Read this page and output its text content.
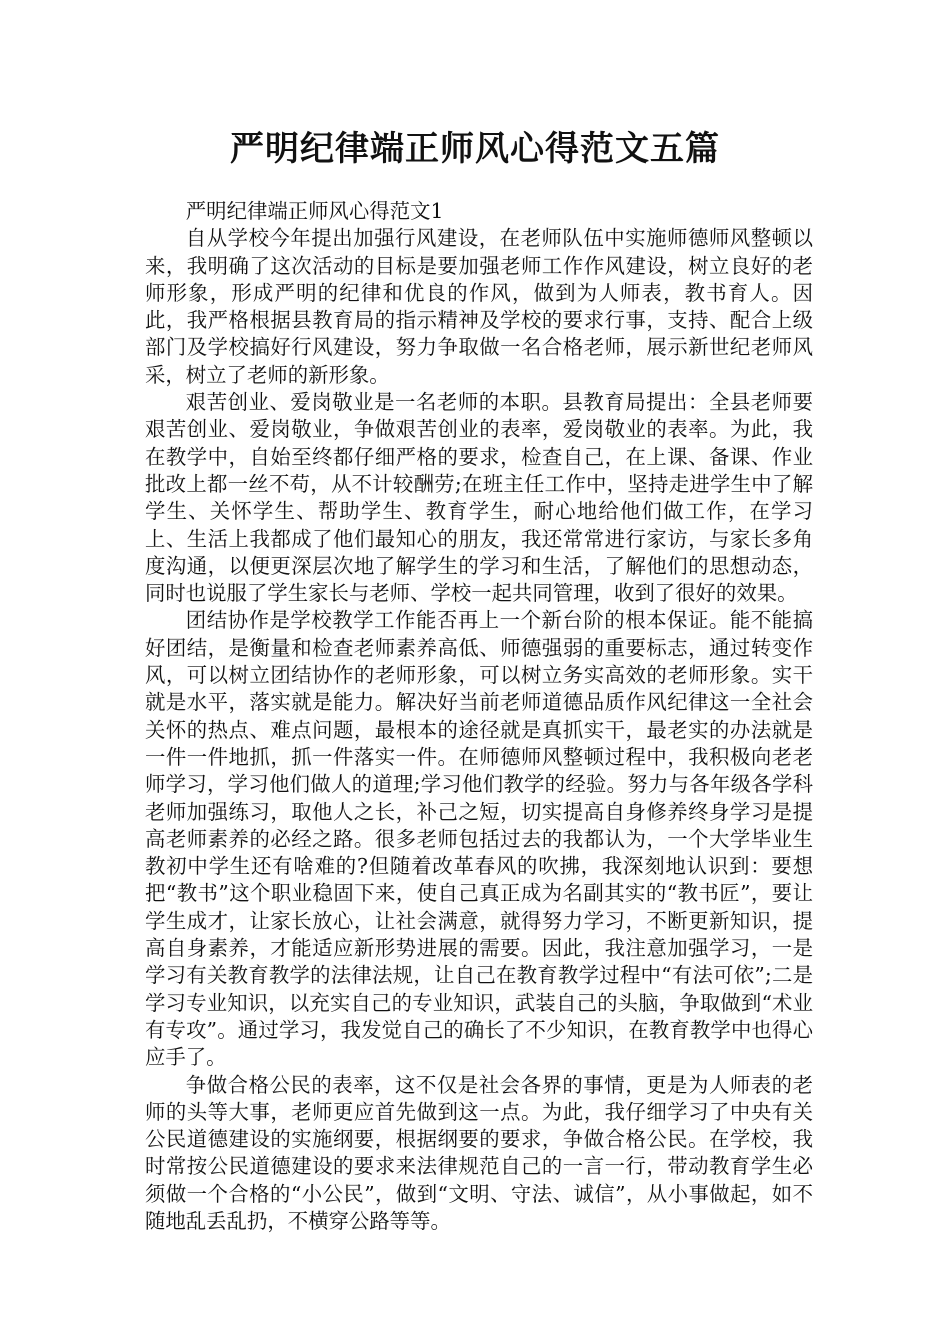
严明纪律端正师风心得范文五篇

严明纪律端正师风心得范文1

自从学校今年提出加强行风建设，在老师队伍中实施师德师风整顿以来，我明确了这次活动的目标是要加强老师工作作风建设，树立良好的老师形象，形成严明的纪律和优良的作风，做到为人师表，教书育人。因此，我严格根据县教育局的指示精神及学校的要求行事，支持、配合上级部门及学校搞好行风建设，努力争取做一名合格老师，展示新世纪老师风采，树立了老师的新形象。

艰苦创业、爱岗敬业是一名老师的本职。县教育局提出：全县老师要艰苦创业、爱岗敬业，争做艰苦创业的表率，爱岗敬业的表率。为此，我在教学中，自始至终都仔细严格的要求，检查自己，在上课、备课、作业批改上都一丝不苟，从不计较酬劳;在班主任工作中，坚持走进学生中了解学生、关怀学生、帮助学生、教育学生，耐心地给他们做工作，在学习上、生活上我都成了他们最知心的朋友，我还常常进行家访，与家长多角度沟通，以便更深层次地了解学生的学习和生活，了解他们的思想动态，同时也说服了学生家长与老师、学校一起共同管理，收到了很好的效果。

团结协作是学校教学工作能否再上一个新台阶的根本保证。能不能搞好团结，是衡量和检查老师素养高低、师德强弱的重要标志，通过转变作风，可以树立团结协作的老师形象，可以树立务实高效的老师形象。实干就是水平，落实就是能力。解决好当前老师道德品质作风纪律这一全社会关怀的热点、难点问题，最根本的途径就是真抓实干，最老实的办法就是一件一件地抓，抓一件落实一件。在师德师风整顿过程中，我积极向老老师学习，学习他们做人的道理;学习他们教学的经验。努力与各年级各学科老师加强练习，取他人之长，补己之短，切实提高自身修养终身学习是提高老师素养的必经之路。很多老师包括过去的我都认为，一个大学毕业生教初中学生还有啥难的?但随着改革春风的吹拂，我深刻地认识到：要想把“教书”这个职业稳固下来，使自己真正成为名副其实的“教书匠”，要让学生成才，让家长放心，让社会满意，就得努力学习，不断更新知识，提高自身素养，才能适应新形势进展的需要。因此，我注意加强学习，一是学习有关教育教学的法律法规，让自己在教育教学过程中“有法可依”;二是学习专业知识，以充实自己的专业知识，武装自己的头脑，争取做到“术业有专攻”。通过学习，我发觉自己的确长了不少知识，在教育教学中也得心应手了。

争做合格公民的表率，这不仅是社会各界的事情，更是为人师表的老师的头等大事，老师更应首先做到这一点。为此，我仔细学习了中央有关公民道德建设的实施纲要，根据纲要的要求，争做合格公民。在学校，我时常按公民道德建设的要求来法律规范自己的一言一行，带动教育学生必须做一个合格的“小公民”，做到“文明、守法、诚信”，从小事做起，如不随地乱丢乱扔，不横穿公路等等。
